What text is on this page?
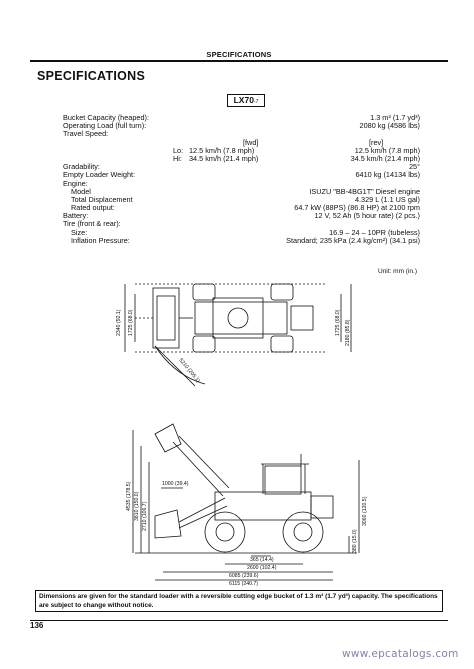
SPECIFICATIONS
SPECIFICATIONS
LX70-7
Bucket Capacity (heaped):	1.3 m³ (1.7 yd³)
Operating Load (full turn):	2080 kg (4586 lbs)
Travel Speed:
[fwd]	[rev]
Lo: 12.5 km/h (7.8 mph)	12.5 km/h (7.8 mph)
Hi: 34.5 km/h (21.4 mph)	34.5 km/h (21.4 mph)
Gradability:	25°
Empty Loader Weight:	6410 kg (14134 lbs)
Engine:
Model	ISUZU "BB-4BG1T" Diesel engine
Total Displacement	4.329 L (1.1 US gal)
Rated output:	64.7 kW (88PS) (86.8 HP) at 2100 rpm
Battery:	12 V, 52 Ah (5 hour rate) (2 pcs.)
Tire (front & rear):
Size:	16.9 – 24 – 10PR (tubeless)
Inflation Pressure:	Standard; 235 kPa (2.4 kg/cm²) (34.1 psi)
Unit: mm (in.)
2340 (92.1) 1725 (68.0)	1725 (68.0) 2180 (85.8)
5210 (205.1)
1000 (39.4)
4535 (178.5) 3810 (150.0) 2710 (106.7)	3060 (120.5)
380 (15.0)
365 (14.4)
2600 (102.4)
6085 (239.6)
6115 (240.7)
Dimensions are given for the standard loader with a reversible cutting edge bucket of 1.3 m³ (1.7 yd³) capacity. The specifications are subject to change without notice.
136
www.epcatalogs.com
